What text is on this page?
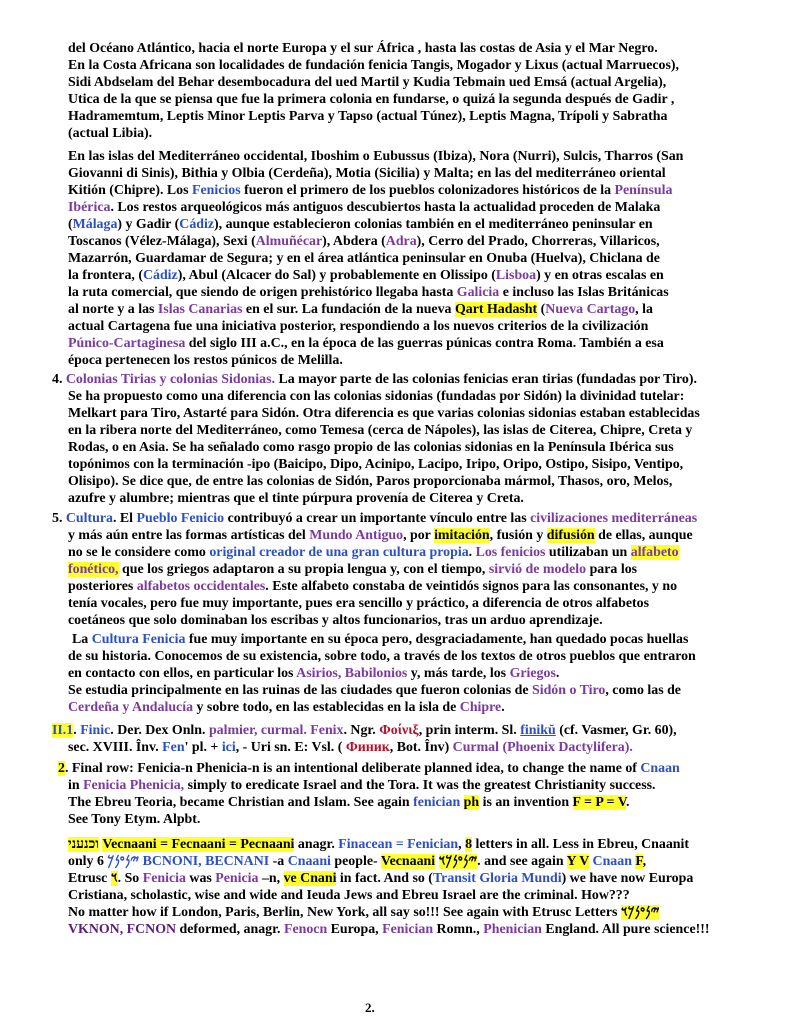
del Océano Atlántico, hacia el norte Europa y el sur África , hasta las costas de Asia y el Mar Negro.
En la Costa Africana son localidades de fundación fenicia Tangis, Mogador y Lixus (actual Marruecos),
Sidi Abdselam del Behar desembocadura del ued Martil y Kudia Tebmain ued Emsá (actual Argelia),
Utica de la que se piensa que fue la primera colonia en fundarse, o quizá la segunda después de Gadir ,
Hadramemtum, Leptis Minor Leptis Parva y Tapso (actual Túnez), Leptis Magna, Trípoli y Sabratha
(actual Libia).
En las islas del Mediterráneo occidental, Iboshim o Eubussus (Ibiza), Nora (Nurri), Sulcis, Tharros (San
Giovanni di Sinis), Bithia y Olbia (Cerdeña), Motia (Sicilia) y Malta; en las del mediterráneo oriental
Kitión (Chipre). Los Fenicios fueron el primero de los pueblos colonizadores históricos de la Península
Ibérica. Los restos arqueológicos más antiguos descubiertos hasta la actualidad proceden de Malaka
(Málaga) y Gadir (Cádiz), aunque establecieron colonias también en el mediterráneo peninsular en
Toscanos (Vélez-Málaga), Sexi (Almuñécar), Abdera (Adra), Cerro del Prado, Chorreras, Villaricos,
Mazarrón, Guardamar de Segura; y en el área atlántica peninsular en Onuba (Huelva), Chiclana de
la frontera, (Cádiz), Abul (Alcacer do Sal) y probablemente en Olissipo (Lisboa) y en otras escalas en
la ruta comercial, que siendo de origen prehistórico llegaba hasta Galicia e incluso las Islas Británicas
al norte y a las Islas Canarias en el sur. La fundación de la nueva Qart Hadasht (Nueva Cartago, la
actual Cartagena fue una iniciativa posterior, respondiendo a los nuevos criterios de la civilización
Púnico-Cartaginesa del siglo III a.C., en la época de las guerras púnicas contra Roma. También a esa
época pertenecen los restos púnicos de Melilla.
4. Colonias Tirias y colonias Sidonias. La mayor parte de las colonias fenicias eran tirias (fundadas por Tiro).
Se ha propuesto como una diferencia con las colonias sidonias (fundadas por Sidón) la divinidad tutelar:
Melkart para Tiro, Astarté para Sidón. Otra diferencia es que varias colonias sidonias estaban establecidas
en la ribera norte del Mediterráneo, como Temesa (cerca de Nápoles), las islas de Citerea, Chipre, Creta y
Rodas, o en Asia. Se ha señalado como rasgo propio de las colonias sidonias en la Península Ibérica sus
topónimos con la terminación -ipo (Baicipo, Dipo, Acinipo, Lacipo, Iripo, Oripo, Ostipo, Sisipo, Ventipo,
Olisipo). Se dice que, de entre las colonias de Sidón, Paros proporcionaba mármol, Thasos, oro, Melos,
azufre y alumbre; mientras que el tinte púrpura provenía de Citerea y Creta.
5. Cultura. El Pueblo Fenicio contribuyó a crear un importante vínculo entre las civilizaciones mediterráneas
y más aún entre las formas artísticas del Mundo Antiguo, por imitación, fusión y difusión de ellas, aunque
no se le considere como original creador de una gran cultura propia. Los fenicios utilizaban un alfabeto
fonético, que los griegos adaptaron a su propia lengua y, con el tiempo, sirvió de modelo para los
posteriores alfabetos occidentales. Este alfabeto constaba de veintidós signos para las consonantes, y no
tenía vocales, pero fue muy importante, pues era sencillo y práctico, a diferencia de otros alfabetos
coetáneos que solo dominaban los escribas y altos funcionarios, tras un arduo aprendizaje.
La Cultura Fenicia fue muy importante en su época pero, desgraciadamente, han quedado pocas huellas
de su historia. Conocemos de su existencia, sobre todo, a través de los textos de otros pueblos que entraron
en contacto con ellos, en particular los Asirios, Babilonios y, más tarde, los Griegos.
Se estudia principalmente en las ruinas de las ciudades que fueron colonias de Sidón o Tiro, como las de
Cerdeña y Andalucía y sobre todo, en las establecidas en la isla de Chipre.
II.1. Finic. Der. Dex Onln. palmier, curmal. Fenix. Ngr. Φοίνιξ, prin interm. Sl. finikŭ (cf. Vasmer, Gr. 60),
sec. XVIII. Înv. Fen' pl. + ici, - Uri sn. E: Vsl. ( Финик, Bot. Înv) Curmal (Phoenix Dactylifera).
2. Final row: Fenicia-n Phenicia-n is an intentional deliberate planned idea, to change the name of Cnaan
in Fenicia Phenicia, simply to eredicate Israel and the Tora. It was the greatest Christianity success.
The Ebreu Teoria, became Christian and Islam. See again fenician ph is an invention F = P = V.
See Tony Etym. Alpbt.
וכנעני Vecnaani = Fecnaani = Pecnaani anagr. Finacean = Fenician, 8 letters in all. Less in Ebreu, Cnaanit
only 6 𐤉𐤍𐤏𐤍𐤊 BCNONI, BECNANI -a Cnaani people- Vecnaani 𐤉𐤍𐤏𐤍𐤊𐤅. and see again Y V Cnaan F,
Etrusc 𐤅. So Fenicia was Penicia –n, ve Cnani in fact. And so (Transit Gloria Mundi) we have now Europa
Cristiana, scholastic, wise and wide and Ieuda Jews and Ebreu Israel are the criminal. How???
No matter how if London, Paris, Berlin, New York, all say so!!! See again with Etrusc Letters 𐤉𐤍𐤏𐤍𐤊𐤅
VKNON, FCNON deformed, anagr. Fenocn Europa, Fenician Romn., Phenician England. All pure science!!!
2.
